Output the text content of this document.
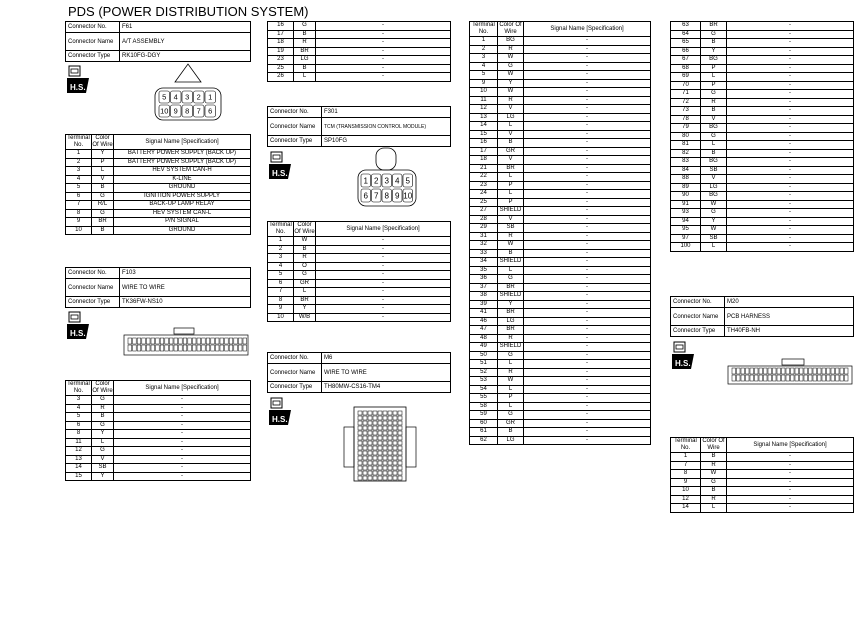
PDS (POWER DISTRIBUTION SYSTEM)
Connector No.	F61
Connector Name	A/T ASSEMBLY
Connector Type	RK10FG-DGY
H.S.
5 4 3 2 1
10 9 8 7 6
Terminal No.	Color Of Wire	Signal Name [Specification]
1	Y	BATTERY POWER SUPPLY (BACK UP)
2	P	BATTERY POWER SUPPLY (BACK UP)
3	L	HEV SYSTEM CAN-H
4	V	K-LINE
5	B	GROUND
6	G	IGNITION POWER SUPPLY
7	R/L	BACK-UP LAMP RELAY
8	G	HEV SYSTEM CAN-L
9	BR	P/N SIGNAL
10	B	GROUND
Connector No.	F103
Connector Name	WIRE TO WIRE
Connector Type	TK36FW-NS10
H.S.
Terminal No.	Color Of Wire	Signal Name [Specification]
3	G	-
4	R	-
5	B	-
6	G	-
8	Y	-
11	L	-
12	G	-
13	V	-
14	SB	-
15	Y	-
16	G	-
17	B	-
18	R	-
19	BR	-
23	LG	-
25	B	-
26	L	-
Connector No.	F301
Connector Name	TCM (TRANSMISSION CONTROL MODULE)
Connector Type	SP10FG
H.S.
1 2 3 4 5
6 7 8 9 10
Terminal No.	Color Of Wire	Signal Name [Specification]
1	W	-
2	B	-
3	R	-
4	O	-
5	G	-
6	GR	-
7	L	-
8	BR	-
9	Y	-
10	W/B	-
Connector No.	M6
Connector Name	WIRE TO WIRE
Connector Type	TH80MW-CS16-TM4
H.S.
Terminal No.	Color Of Wire	Signal Name [Specification]
1	BG	-
2	R	-
3	W	-
4	G	-
5	W	-
9	Y	-
10	W	-
11	R	-
12	V	-
13	LG	-
14	L	-
15	V	-
16	B	-
17	GR	-
18	V	-
21	BR	-
22	L	-
23	P	-
24	L	-
25	P	-
27	SHIELD	-
28	V	-
29	SB	-
31	R	-
32	W	-
33	B	-
34	SHIELD	-
35	L	-
36	G	-
37	BR	-
38	SHIELD	-
39	Y	-
41	BR	-
46	LG	-
47	BR	-
48	R	-
49	SHIELD	-
50	G	-
51	L	-
52	R	-
53	W	-
54	L	-
55	P	-
58	L	-
59	G	-
60	GR	-
61	B	-
62	LG	-
63	BR	-
64	G	-
65	B	-
66	Y	-
67	BG	-
68	P	-
69	L	-
70	P	-
71	G	-
72	R	-
73	B	-
78	V	-
79	BG	-
80	G	-
81	L	-
82	B	-
83	BG	-
84	SB	-
88	V	-
89	LG	-
90	BG	-
91	W	-
93	G	-
94	Y	-
95	W	-
97	SB	-
100	L	-
Connector No.	M20
Connector Name	PCB HARNESS
Connector Type	TH40FB-NH
H.S.
Terminal No.	Color Of Wire	Signal Name [Specification]
1	B	-
7	R	-
8	W	-
9	G	-
10	B	-
12	R	-
14	L	-
